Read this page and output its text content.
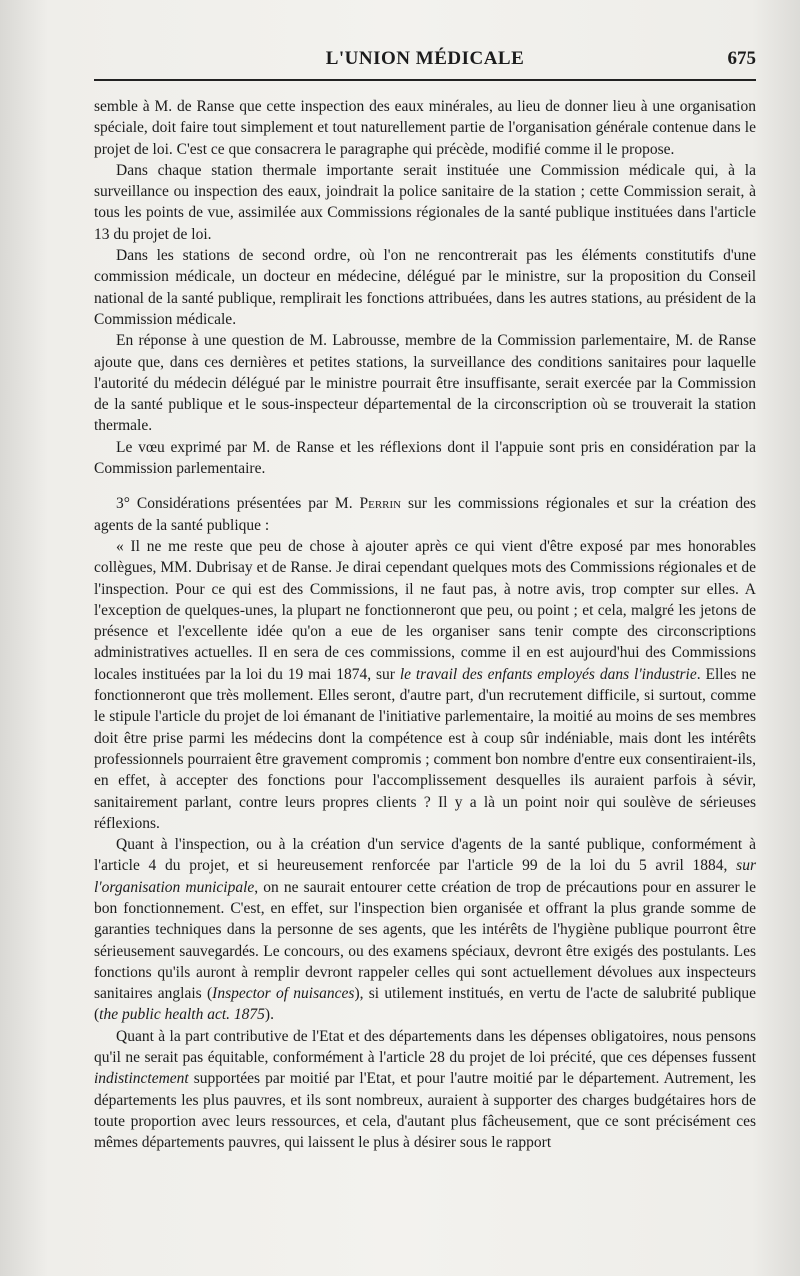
L'UNION MÉDICALE	675

semble à M. de Ranse que cette inspection des eaux minérales, au lieu de donner lieu à une organisation spéciale, doit faire tout simplement et tout naturellement partie de l'organisation générale contenue dans le projet de loi. C'est ce que consacrera le paragraphe qui précède, modifié comme il le propose.

Dans chaque station thermale importante serait instituée une Commission médicale qui, à la surveillance ou inspection des eaux, joindrait la police sanitaire de la station ; cette Commission serait, à tous les points de vue, assimilée aux Commissions régionales de la santé publique instituées dans l'article 13 du projet de loi.

Dans les stations de second ordre, où l'on ne rencontrerait pas les éléments constitutifs d'une commission médicale, un docteur en médecine, délégué par le ministre, sur la proposition du Conseil national de la santé publique, remplirait les fonctions attribuées, dans les autres stations, au président de la Commission médicale.

En réponse à une question de M. Labrousse, membre de la Commission parlementaire, M. de Ranse ajoute que, dans ces dernières et petites stations, la surveillance des conditions sanitaires pour laquelle l'autorité du médecin délégué par le ministre pourrait être insuffisante, serait exercée par la Commission de la santé publique et le sous-inspecteur départemental de la circonscription où se trouverait la station thermale.

Le vœu exprimé par M. de Ranse et les réflexions dont il l'appuie sont pris en considération par la Commission parlementaire.

3° Considérations présentées par M. Perrin sur les commissions régionales et sur la création des agents de la santé publique :

« Il ne me reste que peu de chose à ajouter après ce qui vient d'être exposé par mes honorables collègues, MM. Dubrisay et de Ranse. Je dirai cependant quelques mots des Commissions régionales et de l'inspection. Pour ce qui est des Commissions, il ne faut pas, à notre avis, trop compter sur elles. A l'exception de quelques-unes, la plupart ne fonctionneront que peu, ou point ; et cela, malgré les jetons de présence et l'excellente idée qu'on a eue de les organiser sans tenir compte des circonscriptions administratives actuelles. Il en sera de ces commissions, comme il en est aujourd'hui des Commissions locales instituées par la loi du 19 mai 1874, sur le travail des enfants employés dans l'industrie. Elles ne fonctionneront que très mollement. Elles seront, d'autre part, d'un recrutement difficile, si surtout, comme le stipule l'article du projet de loi émanant de l'initiative parlementaire, la moitié au moins de ses membres doit être prise parmi les médecins dont la compétence est à coup sûr indéniable, mais dont les intérêts professionnels pourraient être gravement compromis ; comment bon nombre d'entre eux consentiraient-ils, en effet, à accepter des fonctions pour l'accomplissement desquelles ils auraient parfois à sévir, sanitairement parlant, contre leurs propres clients ? Il y a là un point noir qui soulève de sérieuses réflexions.

Quant à l'inspection, ou à la création d'un service d'agents de la santé publique, conformément à l'article 4 du projet, et si heureusement renforcée par l'article 99 de la loi du 5 avril 1884, sur l'organisation municipale, on ne saurait entourer cette création de trop de précautions pour en assurer le bon fonctionnement. C'est, en effet, sur l'inspection bien organisée et offrant la plus grande somme de garanties techniques dans la personne de ses agents, que les intérêts de l'hygiène publique pourront être sérieusement sauvegardés. Le concours, ou des examens spéciaux, devront être exigés des postulants. Les fonctions qu'ils auront à remplir devront rappeler celles qui sont actuellement dévolues aux inspecteurs sanitaires anglais (Inspector of nuisances), si utilement institués, en vertu de l'acte de salubrité publique (the public health act. 1875).

Quant à la part contributive de l'Etat et des départements dans les dépenses obligatoires, nous pensons qu'il ne serait pas équitable, conformément à l'article 28 du projet de loi précité, que ces dépenses fussent indistinctement supportées par moitié par l'Etat, et pour l'autre moitié par le département. Autrement, les départements les plus pauvres, et ils sont nombreux, auraient à supporter des charges budgétaires hors de toute proportion avec leurs ressources, et cela, d'autant plus fâcheusement, que ce sont précisément ces mêmes départements pauvres, qui laissent le plus à désirer sous le rapport
